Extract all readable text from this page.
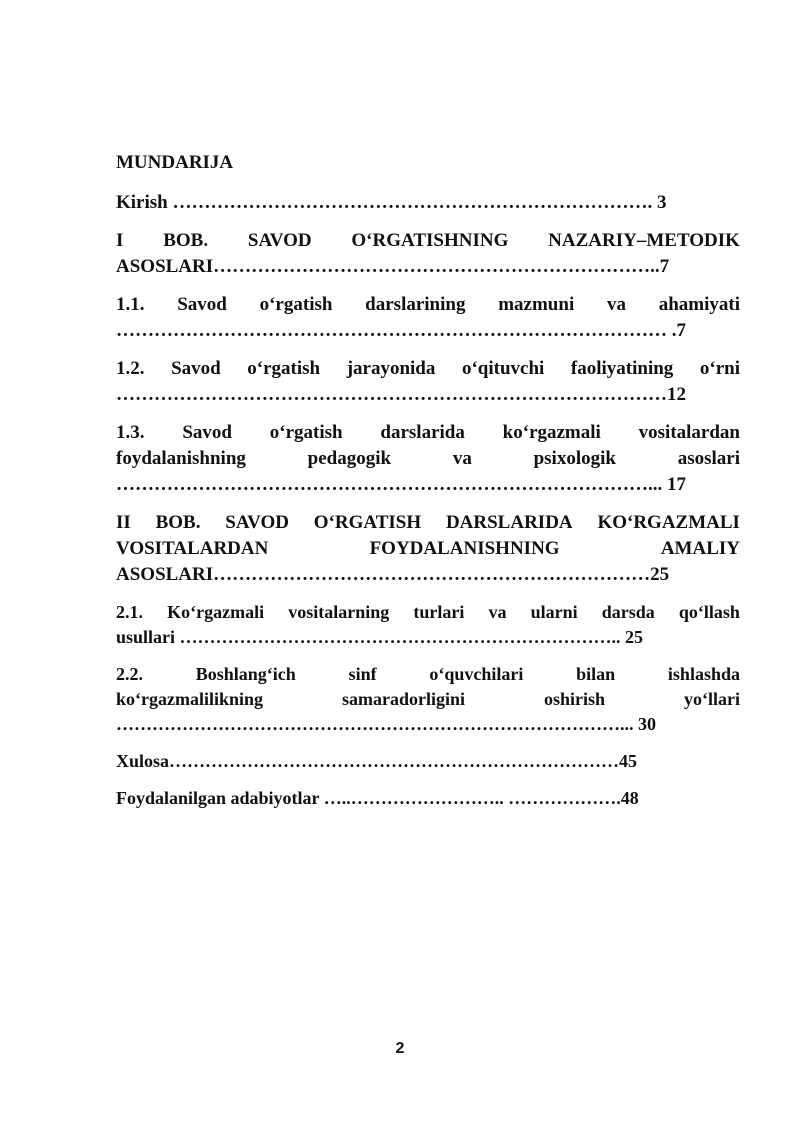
MUNDARIJA
Kirish …………………………………………………………………. 3
I BOB. SAVOD O‘RGATISHNING NAZARIY–METODIK
ASOSLARI……………………………………………………………..7
1.1. Savod o‘rgatish darslarining mazmuni va ahamiyati
…………………………………………………………………………… .7
1.2. Savod o‘rgatish jarayonida o‘qituvchi faoliyatining o‘rni
……………………………………………………………………………12
1.3. Savod o‘rgatish darslarida ko‘rgazmali vositalardan
foydalanishning	pedagogik	va	psixologik	asoslari
…………………………………………………………………………... 17
II BOB. SAVOD O‘RGATISH DARSLARIDA KO‘RGAZMALI
VOSITALARDAN	FOYDALANISHNING	AMALIY
ASOSLARI……………………………………………………………25
2.1. Ko‘rgazmali vositalarning turlari va ularni darsda qo‘llash
usullari ……………………………………………………………….. 25
2.2.	Boshlang‘ich	sinf	o‘quvchilari	bilan	ishlashda
ko‘rgazmalilikning	samaradorligini	oshirish	yo‘llari
…………………………………………………………………………... 30
Xulosa…………………………………………………………………45
Foydalanilgan adabiyotlar …..…………………….. ……………….48
2
